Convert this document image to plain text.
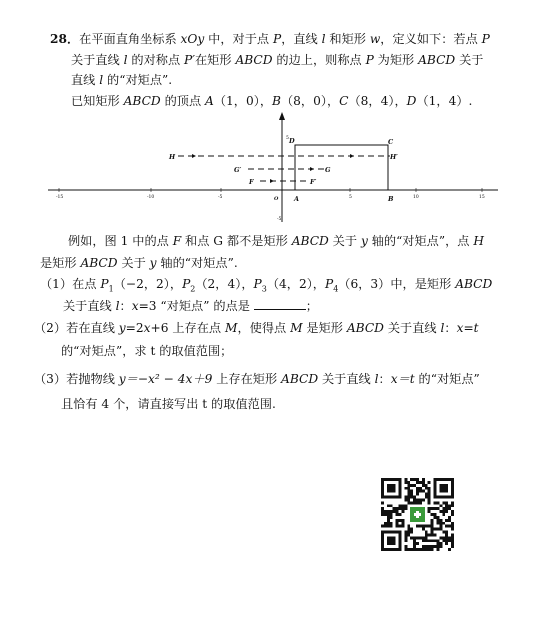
28．在平面直角坐标系 xOy 中，对于点 P，直线 l 和矩形 w，定义如下：若点 P
关于直线 l 的对称点 P′在矩形 ABCD 的边上，则称点 P 为矩形 ABCD 关于
直线 l 的“对矩点”.
已知矩形 ABCD 的顶点 A（1，0），B（8，0），C（8，4），D（1，4）.
-15	-10	-5	5	10	15
5
-5
H	H′
G′	G
F	F′
D	C
A	B
O
例如，图 1 中的点 F 和点 G 都不是矩形 ABCD 关于 y 轴的“对矩点”，点 H
是矩形 ABCD 关于 y 轴的“对矩点”.
（1）在点 $P_1(-2$，2），$P_2(2$，4），$P_3(4$，2），$P_4(6$，3）中，是矩形 ABCD
关于直线 l：x=3 “对矩点” 的点是	；
（2）若在直线 y=2x+6 上存在点 M，使得点 M 是矩形 ABCD 关于直线 l：x=t
的“对矩点”，求 t 的取值范围；
（3）若抛物线 y＝−x² − 4x＋9 上存在矩形 ABCD 关于直线 l：x＝t 的“对矩点”
且恰有 4 个，请直接写出 t 的取值范围.
